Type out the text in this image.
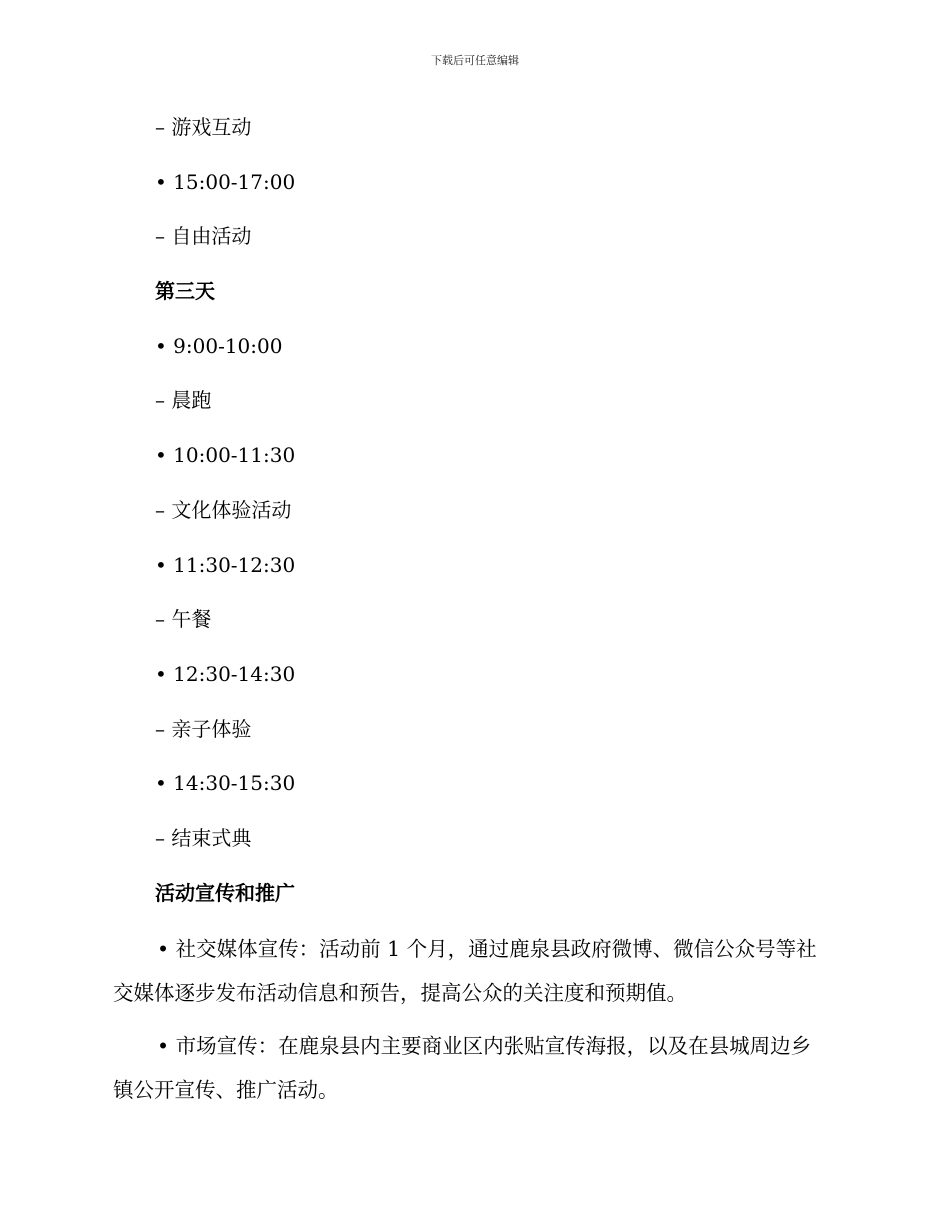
下载后可任意编辑
– 游戏互动
• 15:00-17:00
– 自由活动
第三天
• 9:00-10:00
– 晨跑
• 10:00-11:30
– 文化体验活动
• 11:30-12:30
– 午餐
• 12:30-14:30
– 亲子体验
• 14:30-15:30
– 结束式典
活动宣传和推广
• 社交媒体宣传：活动前 1 个月，通过鹿泉县政府微博、微信公众号等社交媒体逐步发布活动信息和预告，提高公众的关注度和预期值。
• 市场宣传：在鹿泉县内主要商业区内张贴宣传海报，以及在县城周边乡镇公开宣传、推广活动。
